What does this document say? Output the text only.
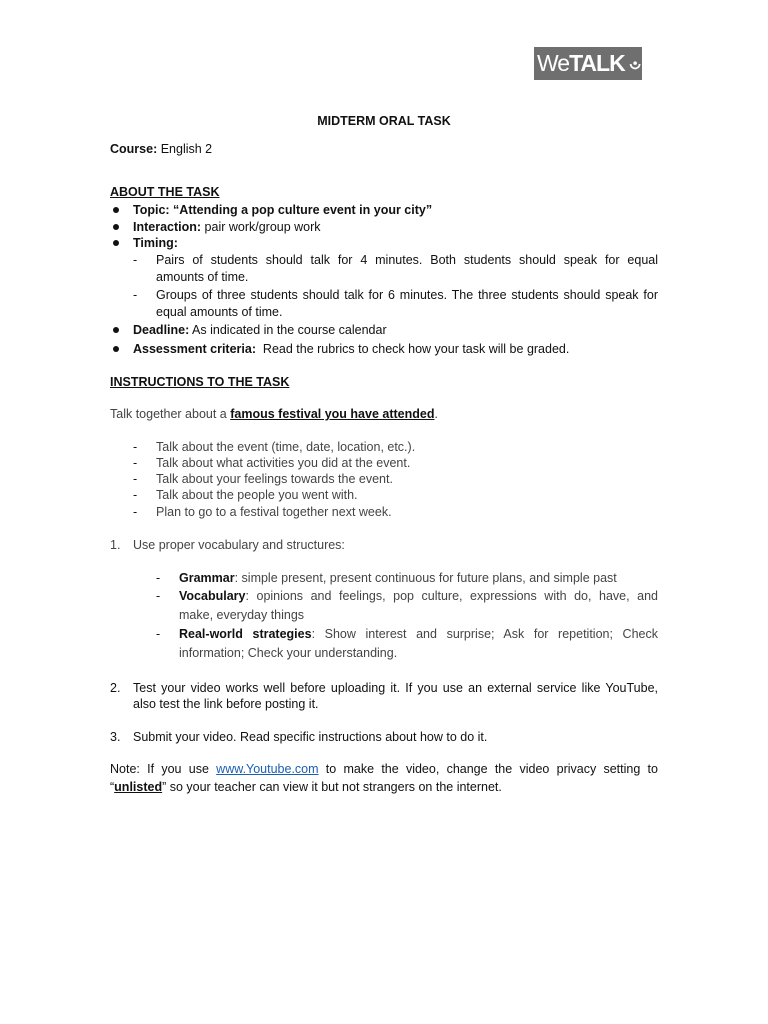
We TALK
MIDTERM ORAL TASK
Course: English 2
ABOUT THE TASK
Topic: “Attending a pop culture event in your city”
Interaction: pair work/group work
Timing:
- Pairs of students should talk for 4 minutes. Both students should speak for equal
amounts of time.
- Groups of three students should talk for 6 minutes. The three students should speak for
equal amounts of time.
Deadline: As indicated in the course calendar
Assessment criteria:  Read the rubrics to check how your task will be graded.
INSTRUCTIONS TO THE TASK
Talk together about a famous festival you have attended.
- Talk about the event (time, date, location, etc.).
- Talk about what activities you did at the event.
- Talk about your feelings towards the event.
- Talk about the people you went with.
- Plan to go to a festival together next week.
1. Use proper vocabulary and structures:
- Grammar: simple present, present continuous for future plans, and simple past
- Vocabulary: opinions and feelings, pop culture, expressions with do, have, and
make, everyday things
- Real-world strategies: Show interest and surprise; Ask for repetition; Check
information; Check your understanding.
2. Test your video works well before uploading it. If you use an external service like YouTube,
also test the link before posting it.
3. Submit your video. Read specific instructions about how to do it.
Note: If you use www.Youtube.com to make the video, change the video privacy setting to
“unlisted” so your teacher can view it but not strangers on the internet.
